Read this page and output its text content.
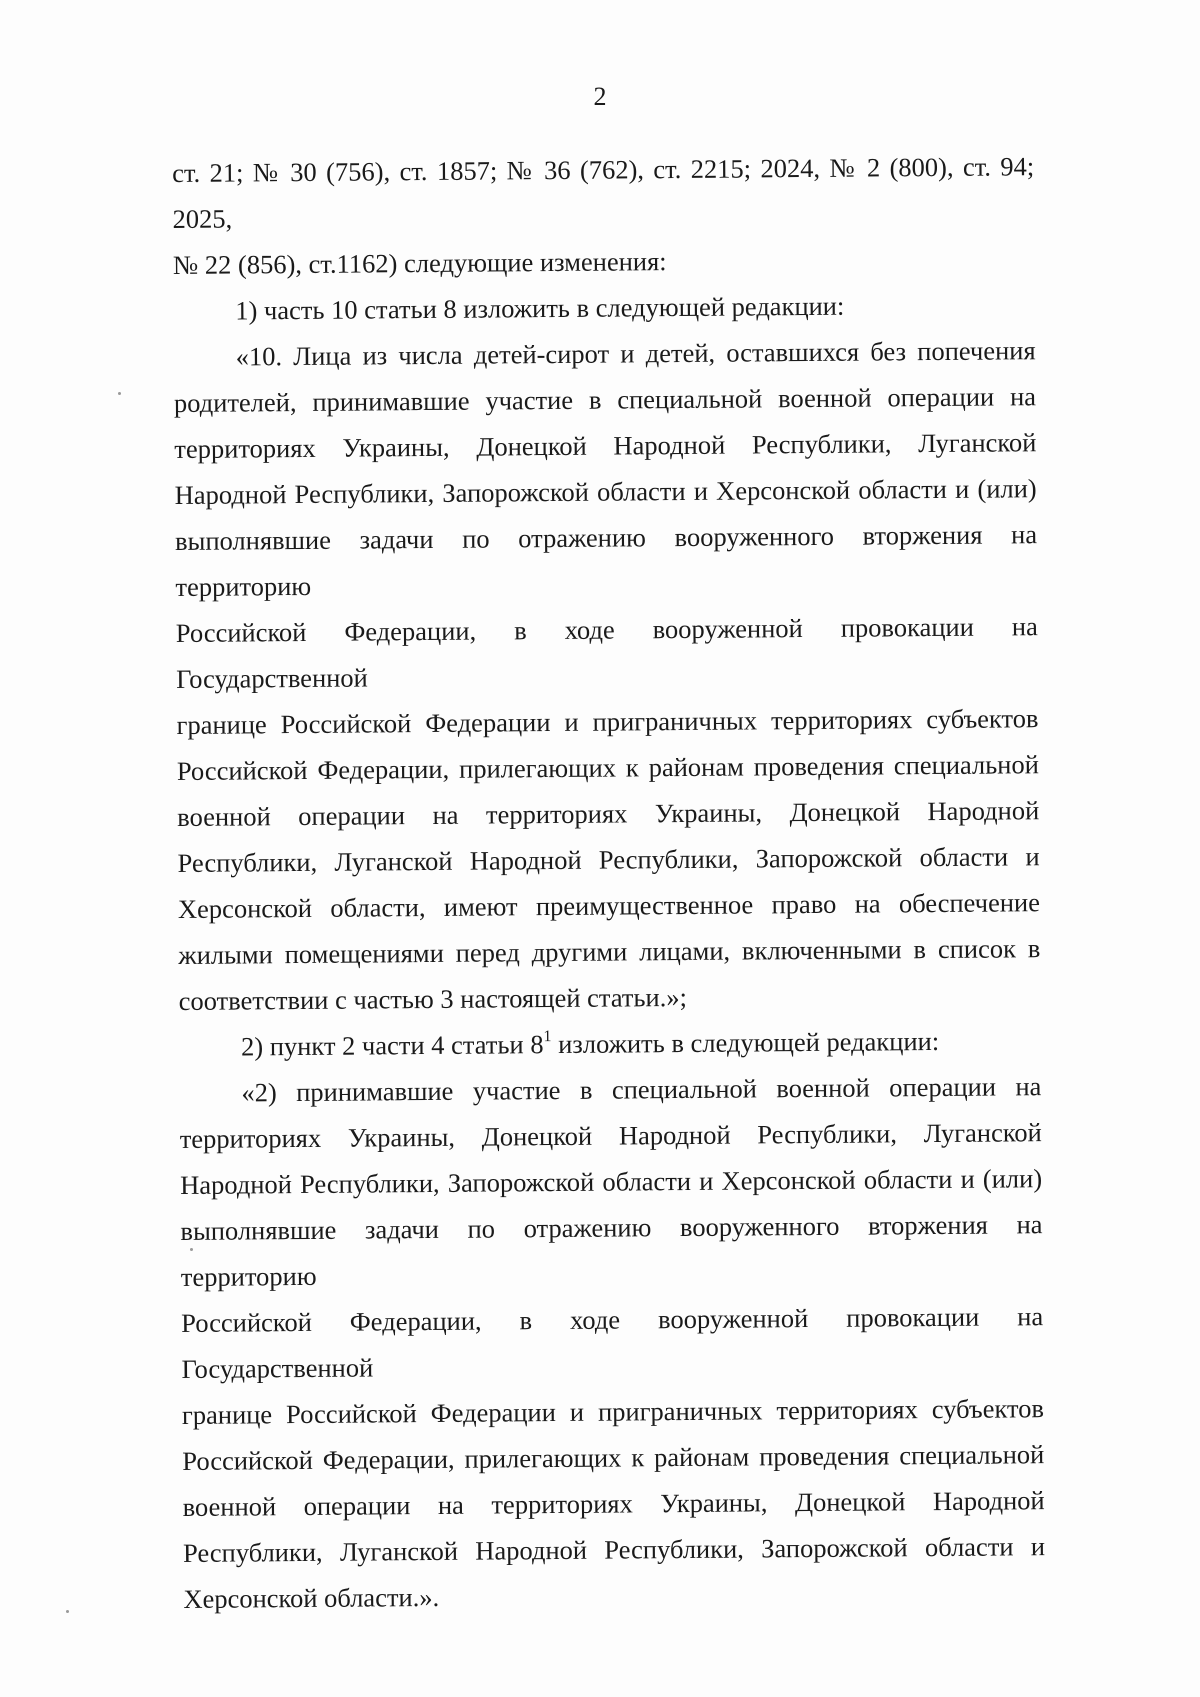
2
ст. 21; № 30 (756), ст. 1857; № 36 (762), ст. 2215; 2024, № 2 (800), ст. 94; 2025,
№ 22 (856), ст.1162) следующие изменения:
1) часть 10 статьи 8 изложить в следующей редакции:
«10. Лица из числа детей-сирот и детей, оставшихся без попечения
родителей, принимавшие участие в специальной военной операции на
территориях Украины, Донецкой Народной Республики, Луганской
Народной Республики, Запорожской области и Херсонской области и (или)
выполнявшие задачи по отражению вооруженного вторжения на территорию
Российской Федерации, в ходе вооруженной провокации на Государственной
границе Российской Федерации и приграничных территориях субъектов
Российской Федерации, прилегающих к районам проведения специальной
военной операции на территориях Украины, Донецкой Народной
Республики, Луганской Народной Республики, Запорожской области и
Херсонской области, имеют преимущественное право на обеспечение
жилыми помещениями перед другими лицами, включенными в список в
соответствии с частью 3 настоящей статьи.»;
2) пункт 2 части 4 статьи $8^1$ изложить в следующей редакции:
«2) принимавшие участие в специальной военной операции на
территориях Украины, Донецкой Народной Республики, Луганской
Народной Республики, Запорожской области и Херсонской области и (или)
выполнявшие задачи по отражению вооруженного вторжения на территорию
Российской Федерации, в ходе вооруженной провокации на Государственной
границе Российской Федерации и приграничных территориях субъектов
Российской Федерации, прилегающих к районам проведения специальной
военной операции на территориях Украины, Донецкой Народной
Республики, Луганской Народной Республики, Запорожской области и
Херсонской области.».
